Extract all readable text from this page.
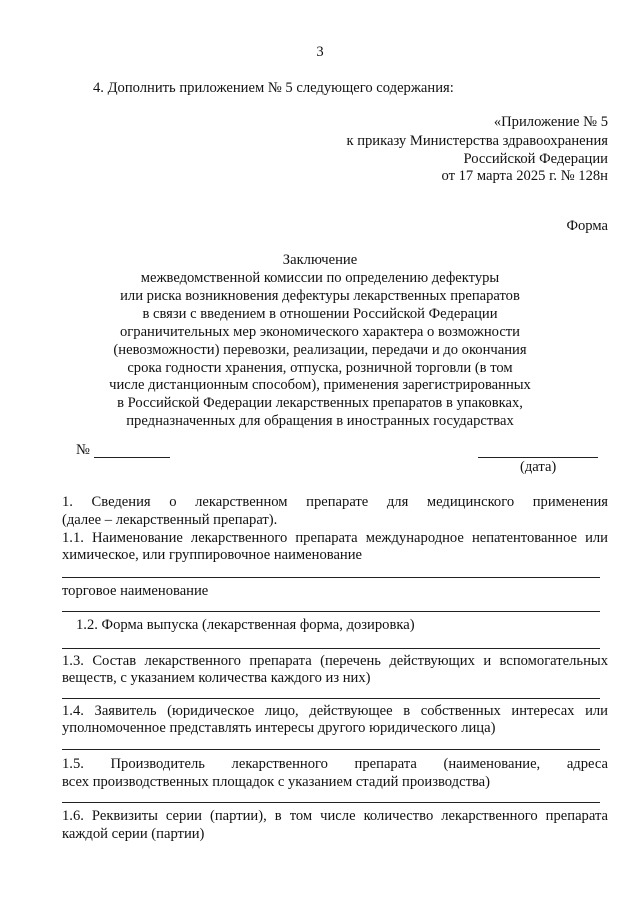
3
4. Дополнить приложением № 5 следующего содержания:
«Приложение № 5
к приказу Министерства здравоохранения
Российской Федерации
от 17 марта 2025 г. № 128н
Форма
Заключение
межведомственной комиссии по определению дефектуры
или риска возникновения дефектуры лекарственных препаратов
в связи с введением в отношении Российской Федерации
ограничительных мер экономического характера о возможности
(невозможности) перевозки, реализации, передачи и до окончания
срока годности хранения, отпуска, розничной торговли (в том
числе дистанционным способом), применения зарегистрированных
в Российской Федерации лекарственных препаратов в упаковках,
предназначенных для обращения в иностранных государствах
№
(дата)
1. Сведения о лекарственном препарате для медицинского применения
(далее – лекарственный препарат).
1.1. Наименование лекарственного препарата международное непатентованное или
химическое, или группировочное наименование
торговое наименование
1.2. Форма выпуска (лекарственная форма, дозировка)
1.3. Состав лекарственного препарата (перечень действующих и вспомогательных
веществ, с указанием количества каждого из них)
1.4. Заявитель (юридическое лицо, действующее в собственных интересах или
уполномоченное представлять интересы другого юридического лица)
1.5. Производитель лекарственного препарата (наименование, адреса
всех производственных площадок с указанием стадий производства)
1.6. Реквизиты серии (партии), в том числе количество лекарственного препарата
каждой серии (партии)
